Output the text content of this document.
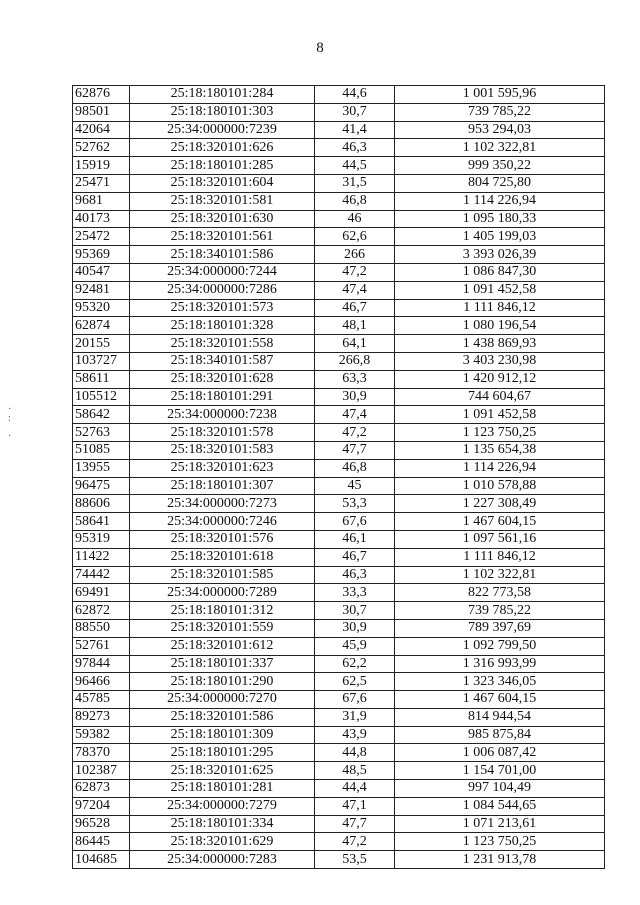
8
·
:

·
62876	25:18:180101:284	44,6	1 001 595,96
98501	25:18:180101:303	30,7	739 785,22
42064	25:34:000000:7239	41,4	953 294,03
52762	25:18:320101:626	46,3	1 102 322,81
15919	25:18:180101:285	44,5	999 350,22
25471	25:18:320101:604	31,5	804 725,80
9681	25:18:320101:581	46,8	1 114 226,94
40173	25:18:320101:630	46	1 095 180,33
25472	25:18:320101:561	62,6	1 405 199,03
95369	25:18:340101:586	266	3 393 026,39
40547	25:34:000000:7244	47,2	1 086 847,30
92481	25:34:000000:7286	47,4	1 091 452,58
95320	25:18:320101:573	46,7	1 111 846,12
62874	25:18:180101:328	48,1	1 080 196,54
20155	25:18:320101:558	64,1	1 438 869,93
103727	25:18:340101:587	266,8	3 403 230,98
58611	25:18:320101:628	63,3	1 420 912,12
105512	25:18:180101:291	30,9	744 604,67
58642	25:34:000000:7238	47,4	1 091 452,58
52763	25:18:320101:578	47,2	1 123 750,25
51085	25:18:320101:583	47,7	1 135 654,38
13955	25:18:320101:623	46,8	1 114 226,94
96475	25:18:180101:307	45	1 010 578,88
88606	25:34:000000:7273	53,3	1 227 308,49
58641	25:34:000000:7246	67,6	1 467 604,15
95319	25:18:320101:576	46,1	1 097 561,16
11422	25:18:320101:618	46,7	1 111 846,12
74442	25:18:320101:585	46,3	1 102 322,81
69491	25:34:000000:7289	33,3	822 773,58
62872	25:18:180101:312	30,7	739 785,22
88550	25:18:320101:559	30,9	789 397,69
52761	25:18:320101:612	45,9	1 092 799,50
97844	25:18:180101:337	62,2	1 316 993,99
96466	25:18:180101:290	62,5	1 323 346,05
45785	25:34:000000:7270	67,6	1 467 604,15
89273	25:18:320101:586	31,9	814 944,54
59382	25:18:180101:309	43,9	985 875,84
78370	25:18:180101:295	44,8	1 006 087,42
102387	25:18:320101:625	48,5	1 154 701,00
62873	25:18:180101:281	44,4	997 104,49
97204	25:34:000000:7279	47,1	1 084 544,65
96528	25:18:180101:334	47,7	1 071 213,61
86445	25:18:320101:629	47,2	1 123 750,25
104685	25:34:000000:7283	53,5	1 231 913,78
